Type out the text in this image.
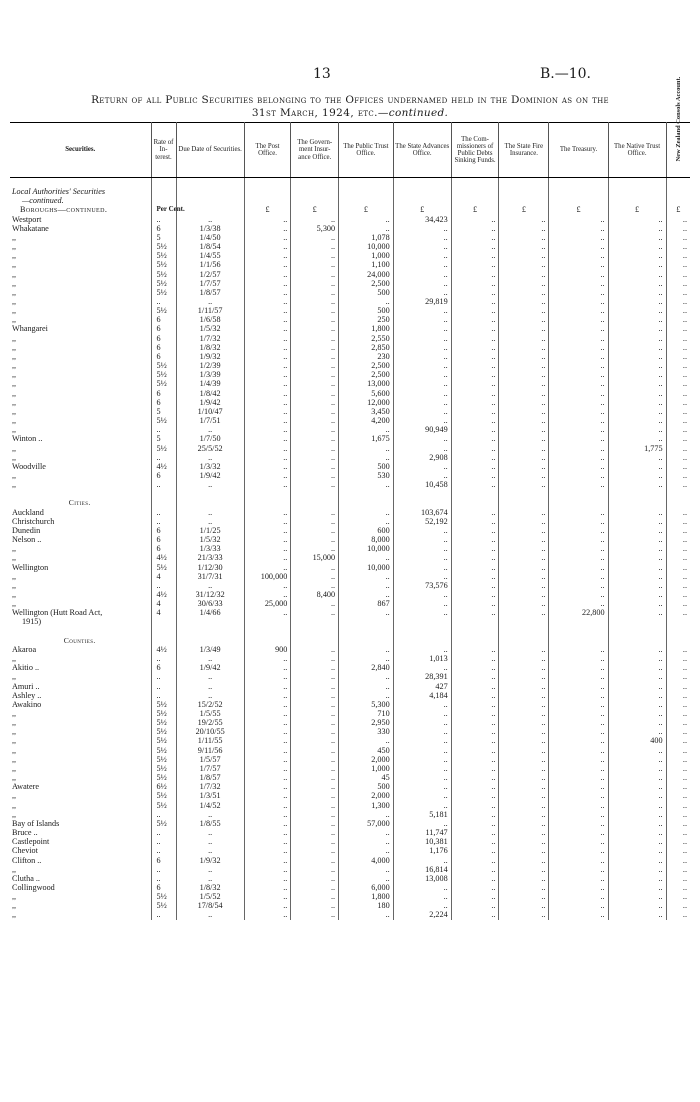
13	B.—10.
Return of all Public Securities belonging to the Offices undernamed held in the Dominion as on the
31st March, 1924, etc.—continued.
Securities.	Rate of In- terest.	Due Date of Securities.	The Post Office.	The Govern- ment Insur- ance Office.	The Public Trust Office.	The State Advances Office.	The Com- missioners of Public Debts Sinking Funds.	The State Fire Insurance.	The Treasury.	The Native Trust Office.	New Zealand Consols Account.

Local Authorities' Securities											
—continued.											
Boroughs—continued.	Per Cent.		£	£	£	£	£	£	£	£	£
Westport	..	..	..	..	..	34,423	..	..	..	..	..
Whakatane	6	1/3/38	..	5,300	..	..	..	..	..	..	..
,,	5	1/4/50	..	..	1,078	..	..	..	..	..	..
,,	5½	1/8/54	..	..	10,000	..	..	..	..	..	..
,,	5½	1/4/55	..	..	1,000	..	..	..	..	..	..
,,	5½	1/1/56	..	..	1,100	..	..	..	..	..	..
,,	5½	1/2/57	..	..	24,000	..	..	..	..	..	..
,,	5½	1/7/57	..	..	2,500	..	..	..	..	..	..
,,	5½	1/8/57	..	..	500	..	..	..	..	..	..
,,	..	..	..	..	..	29,819	..	..	..	..	..
,,	5½	1/11/57	..	..	500	..	..	..	..	..	..
,,	6	1/6/58	..	..	250	..	..	..	..	..	..
Whangarei	6	1/5/32	..	..	1,800	..	..	..	..	..	..
,,	6	1/7/32	..	..	2,550	..	..	..	..	..	..
,,	6	1/8/32	..	..	2,850	..	..	..	..	..	..
,,	6	1/9/32	..	..	230	..	..	..	..	..	..
,,	5½	1/2/39	..	..	2,500	..	..	..	..	..	..
,,	5½	1/3/39	..	..	2,500	..	..	..	..	..	..
,,	5½	1/4/39	..	..	13,000	..	..	..	..	..	..
,,	6	1/8/42	..	..	5,600	..	..	..	..	..	..
,,	6	1/9/42	..	..	12,000	..	..	..	..	..	..
,,	5	1/10/47	..	..	3,450	..	..	..	..	..	..
,,	5½	1/7/51	..	..	4,200	..	..	..	..	..	..
,,	..	..	..	..	..	90,949	..	..	..	..	..
Winton ..	5	1/7/50	..	..	1,675	..	..	..	..	..	..
,,	5½	25/5/52	..	..	..	..	..	..	..	1,775	..
,,	..	..	..	..	..	2,908	..	..	..	..	..
Woodville	4½	1/3/32	..	..	500	..	..	..	..	..	..
,,	6	1/9/42	..	..	530	..	..	..	..	..	..
,,	..	..	..	..	..	10,458	..	..	..	..	..

Cities.											
Auckland	..	..	..	..	..	103,674	..	..	..	..	..
Christchurch	..	..	..	..	..	52,192	..	..	..	..	..
Dunedin	6	1/1/25	..	..	600	..	..	..	..	..	..
Nelson ..	6	1/5/32	..	..	8,000	..	..	..	..	..	..
,,	6	1/3/33	..	..	10,000	..	..	..	..	..	..
,,	4½	21/3/33	..	15,000	..	..	..	..	..	..	..
Wellington	5½	1/12/30	..	..	10,000	..	..	..	..	..	..
,,	4	31/7/31	100,000	..	..	..	..	..	..	..	..
,,	..	..	..	..	..	73,576	..	..	..	..	..
,,	4½	31/12/32	..	8,400	..	..	..	..	..	..	..
,,	4	30/6/33	25,000	..	867	..	..	..	..	..	..
Wellington (Hutt Road Act,	4	1/4/66	..	..	..	..	..	..	22,800	..	..
1915)											

Counties.											
Akaroa	4½	1/3/49	900	..	..	..	..	..	..	..	..
,,	..	..	..	..	..	1,013	..	..	..	..	..
Akitio ..	6	1/9/42	..	..	2,840	..	..	..	..	..	..
,,	..	..	..	..	..	28,391	..	..	..	..	..
Amuri ..	..	..	..	..	..	427	..	..	..	..	..
Ashley ..	..	..	..	..	..	4,184	..	..	..	..	..
Awakino	5½	15/2/52	..	..	5,300	..	..	..	..	..	..
,,	5½	1/5/55	..	..	710	..	..	..	..	..	..
,,	5½	19/2/55	..	..	2,950	..	..	..	..	..	..
,,	5½	20/10/55	..	..	330	..	..	..	..	..	..
,,	5½	1/11/55	..	..	..	..	..	..	..	400	..
,,	5½	9/11/56	..	..	450	..	..	..	..	..	..
,,	5½	1/5/57	..	..	2,000	..	..	..	..	..	..
,,	5½	1/7/57	..	..	1,000	..	..	..	..	..	..
,,	5½	1/8/57	..	..	45	..	..	..	..	..	..
Awatere	6½	1/7/32	..	..	500	..	..	..	..	..	..
,,	5½	1/3/51	..	..	2,000	..	..	..	..	..	..
,,	5½	1/4/52	..	..	1,300	..	..	..	..	..	..
,,	..	..	..	..	..	5,181	..	..	..	..	..
Bay of Islands	5½	1/8/55	..	..	57,000	..	..	..	..	..	..
Bruce ..	..	..	..	..	..	11,747	..	..	..	..	..
Castlepoint	..	..	..	..	..	10,381	..	..	..	..	..
Cheviot	..	..	..	..	..	1,176	..	..	..	..	..
Clifton ..	6	1/9/32	..	..	4,000	..	..	..	..	..	..
,,	..	..	..	..	..	16,814	..	..	..	..	..
Clutha ..	..	..	..	..	..	13,008	..	..	..	..	..
Collingwood	6	1/8/32	..	..	6,000	..	..	..	..	..	..
,,	5½	1/5/52	..	..	1,800	..	..	..	..	..	..
,,	5½	17/8/54	..	..	180	..	..	..	..	..	..
,,	..	..	..	..	..	2,224	..	..	..	..	..
